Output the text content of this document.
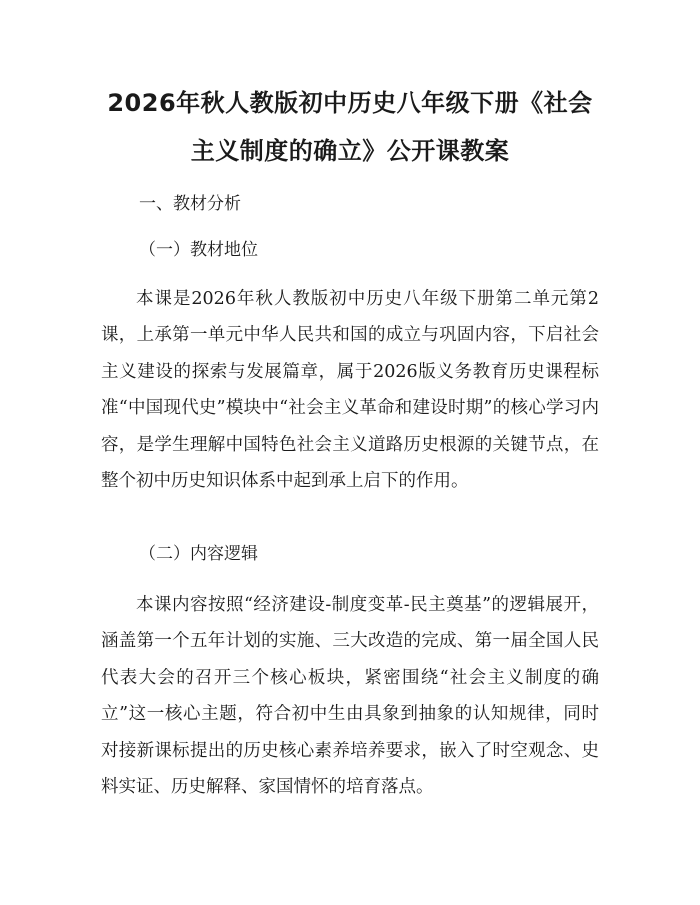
2026年秋人教版初中历史八年级下册《社会
主义制度的确立》公开课教案
一、教材分析
（一）教材地位

本课是2026年秋人教版初中历史八年级下册第二单元第2课，上承第一单元中华人民共和国的成立与巩固内容，下启社会主义建设的探索与发展篇章，属于2026版义务教育历史课程标准“中国现代史”模块中“社会主义革命和建设时期”的核心学习内容，是学生理解中国特色社会主义道路历史根源的关键节点，在整个初中历史知识体系中起到承上启下的作用。

（二）内容逻辑

本课内容按照“经济建设-制度变革-民主奠基”的逻辑展开，涵盖第一个五年计划的实施、三大改造的完成、第一届全国人民代表大会的召开三个核心板块，紧密围绕“社会主义制度的确立”这一核心主题，符合初中生由具象到抽象的认知规律，同时对接新课标提出的历史核心素养培养要求，嵌入了时空观念、史料实证、历史解释、家国情怀的培育落点。
